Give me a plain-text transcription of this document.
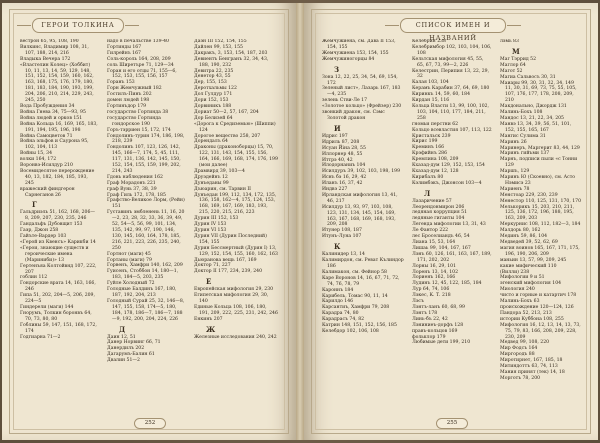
ГЕРОИ ТОЛКИНА

вестрон 65, 95, 108, 190

Вилкинс, Владимир 108, 31, 107, 188, 214, 216

Владыка Вечера 172

«Властелин Колец» (Хоббит) 10, 11, 13, 14, 59, 129, 148, 151, 152, 154, 159, 160, 162, 163, 168, 175, 176, 179, 180, 181, 183, 184, 190, 193, 199, 204, 206, 210, 214, 229, 243, 245, 250

Вода Пробуждения 34

Война Гнева 34, 75—93, 95

Война людей и орков 151

Война Кольца 16, 169, 165, 183, 191, 194, 195, 196, 198

Война Самоцветов 71

Война эльфов и Саурона 95, 102, 104, 113

Войны 15, 34

волки 164, 172

Воронвэ-Исилдур 210

Восемидесятое перерождение 40, 13, 182, 184, 185, 193, 245

вражеский финдгерон Сарнеганов 26

Г

Гальдриэль 51, 162, 168, 206—8, 209, 207, 230, 235, 246

Гандальфъ Дубовщит 153

Гаэр, Джон 258

Гайъте-Вардер 103

«Герой из Квенсъ» Карикби 14

«Герои, знающие существ и героические имена (Мариниби)» 13

Гертенъяа Колтойвнд 107, 222, 207

гоблин 112

Гондорские врата 14, 163, 166, 246

Гипа 51, 202, 204—5, 206, 209, 224—5

Гиндерели (маги) 144

Гнорумъ, Толкин боронвъ 64, 70, 73, 80, 80

Гоблины 59, 147, 151, 168, 172, 174

Годгиарна 71—2

надо в печальстве 139-40

Гортинды 167

Гилрейнъ 167

Соль-король 164, 208, 209

соль Ширетъре 71, 129—34

Горан и его отцы 71, 155—6, 152, 153, 155, 156, 157

Горанъ 153

Горн Жемчужный 182

Гостилъ-Пинъ 202

домен людей 198

Гортинъдор 179

государство Гортинда 38

государство Гортинда гондорское 190

Горъ-тэрриен 15, 172, 174

Гондолинъ-турин 174, 186, 198, 218, 239

Гондолинъ 107, 123, 126, 142, 145, 166—7, 174, 5, 45, 111, 117, 131, 136, 142, 145, 150, 152, 154, 155, 159, 199, 202, 214, 243

Гдонь наблюдения 162

Граф Морадонъ 221

граф Вунь 37, 38, 39

Граф Гиль 172, 178, 185

Графство-Великое Лорм, (Рейн) 151

Густавинъ эмбленень 11, 16, 20—2, 23, 28, 32, 33, 36, 39, 49, 52, 54—5, 56, 99, 101, 134, 135, 142, 99, 97, 190, 146, 130, 145, 160, 164, 178, 185, 216, 221, 223, 226, 235, 240, 250

Гортнот (маги) 45

Гортаны (маги) 79

Горвенъ, Хамфри 140, 162, 209

Гуисенъ, Стоббон 14, 180—1, 183, 184—5, 203, 235

Гуйле Холодный 72

Голодные Балдинъ 167, 180, 187, 192, 204, 213

Голодный Сурай 25, 32, 146—8, 147, 155, 158, 174—5, 180, 184, 178, 186—7, 186—7, 188—9, 192, 200, 204, 224, 226

Д

Даин 12, 51

Данер Норвинг 66, 71

Данердилъ 202

Дагарумъ-Балин 61

Двалин 51—2

Даэн III 152, 154, 155

Дайлен 99, 153, 155

Дакракъ, 3, 153, 154, 187, 203

Девиентъ Бенгранъ 32, 34, 43, 188, 190, 232

Девитра 22, 235

Денетор 43, 55

Дер, 155, 153

Деротхальмы 122

Дол Гулдур 171

Дори 152, 153

Дорвиникъ 188

Дориат 50—2, 57, 167, 204

Дор Белизей 64

«Дорога к Средиземью» (Шиппи) 124

Дорогое вещество 258, 207

Дорендалъ 64

Драконы (драконоборцы) 15, 70, 122, 131, 143, 154, 155, 156, 164, 166, 169, 168, 174, 176, 199 (мои далее)

Драмвирд 39, 103—4

Друэдейнъ 12

Дунъеданы 99

Дъюарин, см. Тарвин II

Дунъедан 199, 112, 134, 172, 135, 136, 158, 162—4, 175, 124, 153, 168, 169, 167, 169, 183, 193, 215, 220, 215, 216, 223

Дурин III 152, 153

Дурин IV 153

Дурин VI 153

Дурин VII (Дурин Последний) 154, 155

Дурин Бессмертный (Дурин I) 13, 129, 152, 154, 155, 160, 162, 163

Дьюранова вещь 167, 169

Доктор 71, 227

Доктор II 177, 234, 239, 240

Е

Европейская мифология 29, 230

Египетская мифология 29, 30, 140

Единые Кольца 108, 106, 180, 191, 209, 222, 225, 231, 242, 246

Енкинъ 207

Ж

Железные исследования 240, 242

252
СПИСОК ИМЕН И НАЗВАНИЙ

Жемчужиена, см. Дава II 153, 154, 155

Жемчужиена 153, 154, 155

Жемчужиногорцы 84

З

Зона 12, 22, 25, 34, 54, 69, 154, 172

Зеленый лист», Лазарь 167, 183—4, 235

зелень Стви-Ле 17

«Золотое кольцо» (Фрейзер) 230

звонкий дракон, см. Сэмс Золотой дракон

И

Идрис 197

Идриль 87, 208

Исуан Йіна 28, 55

Иллорнер 48, 55

Иттрэ 40, 42

Илодорнаниъ 104

Исилдуръ 39, 102, 103, 198, 199

Иснъ бэ 16, 29, 42

Иланъ 16, 37, 42

Индвэ 227

Ирландская мифология 13, 41, 46, 217

Исилдур 13, 93, 97, 103, 108, 123, 131, 134, 145, 154, 169, 163, 167, 168, 169, 168, 193, 209, 208

Итунер 108, 187

Итунъ-Луна 107

К

Калинидер 13, 14

Калимирдон, см. Реват Кълиндор 186

Калимакон, см. Фейнор 58

Каре Воронов 14, 16, 67, 71, 72, 74, 76, 78, 79

Кароннъ 184

Карибель, Томас 90, 11, 14

Карилдо 146

Карсантиъ, Хамфри 79, 208

Карадра 74, 80

Карадрасъ 74, 82

Катрин 148, 151, 152, 156, 185

Келебдор 102, 106, 108

Келебрин 238

Келебримбор 102, 103, 104, 106, 108

Кельтская мифология 45, 55, 65, 67, 73, 99—2, 226

Келестрин, Перипия 13, 22, 29, 32

Калая 103, 104

Керамъ Карабин 37, 64, 69, 180

Киринкъ 14, 59, 60, 184

Кирдан 15, 116

Кольца Власти 13, 99, 100, 102, 103, 104, 110, 177, 184, 211, 258

гномьи перстни 62

Кольцо всевластия 107, 113, 122

Кристальск 239

Кирис 199

Креминъ 166

Крэфийнъ 286

Кремлина 108, 209

Кхазад-дум 129, 152, 153, 154

Кхазад-дум 12, 128

Кирибалъ 80

Кэлимбэкъ, Джонсон 103—4

Л

Лазаричение 57

Леорендонмирон 206

ледяная коррупция 51

ледяные гиганты 104

Легенда мифологии 13, 31, 43

Ле Фантор 222

лес Броселиандъ 46, 54

Лиана 15, 53, 164

Лишаь 99, 104, 167, 167

Лэнъ 60, 126, 161, 163, 167, 189, 171, 202, 202

Лорны 16, 29, 101

Лоренъ 13, 14, 102

Лориенъ 162, 166

Лудинъ 12, 45, 122, 185, 184

Лур 64, 74, 106

Лэкес, К. Т. 218

Лэсъ

Лэнтъ-ланъ 60, 68, 99

Лэнтъ 178

Линь-бъ 22, 42

Лэниниеъ-дорфъ 128

правъ-кольцов 169

фольклор 179

Любимые дети 199, 210

лэмь 83

М

Маг Тэррид 52

Маглор 64

Магот 52

Магиа Сальвосъ 30, 31

Маиары 99, 30, 31, 32, 34, 149 11, 30, 31, 69, 73, 75, 55, 105, 107, 176, 177, 178, 208, 209, 210

Макдонально, Джордж 131

Малинь-Бохъ 108

Мандос 13, 21, 22, 34, 205

Манвэ 13, 34, 39, 56, 51, 101, 152, 155, 165, 167

Мангис Сулима 31

Маринъ 26

Маринеръ, Маргерит 83, 44, 129

Маринъ гийъми 137

Марнъ, подписи пыли «с Тонни 129

Маршъ, 129

Маринъ Ю (Скоевно), см. Асто Нэмисэ 23

Мариенъ 78

Менстоар 229, 230, 239

Менестор 110, 125, 131, 170, 170

Мелькорикъ 15, 203, 210, 211, 125, 136, 172, 196, 188, 195, 163, 209, 203

Меркурнис 108, 112, 182—3, 184

Малдорь 80, 162

Мединъ 59, 86, 104

Медведей 39, 52, 62, 69

магия воинов 165, 167, 171, 175, 196, 190, 206, 209

маньин 13, 57, 99, 209, 245

какие мифический 110

(Вилли) 238

Мифологии 9 и 51

эгенский мифология 104

Миология 240

чисто и горные и катартич 178

Малинь-Бохъ 63

происхождение 120—124, 126

Пандора 52, 213, 213

истории Куббона 108, 255

Мифология 16, 12, 13, 14, 13, 73, 75, 79, 83, 166, 208, 209, 228, 230, 209

Медвед 99, 108, 220

Мир Фодсъ 164

Миргородъ 88

Миротирнет, 167, 185, 18

Митиндоттъ 63, 74, 113

Мания принят (тек) 14, 18

Морготъ 78, 200

255
